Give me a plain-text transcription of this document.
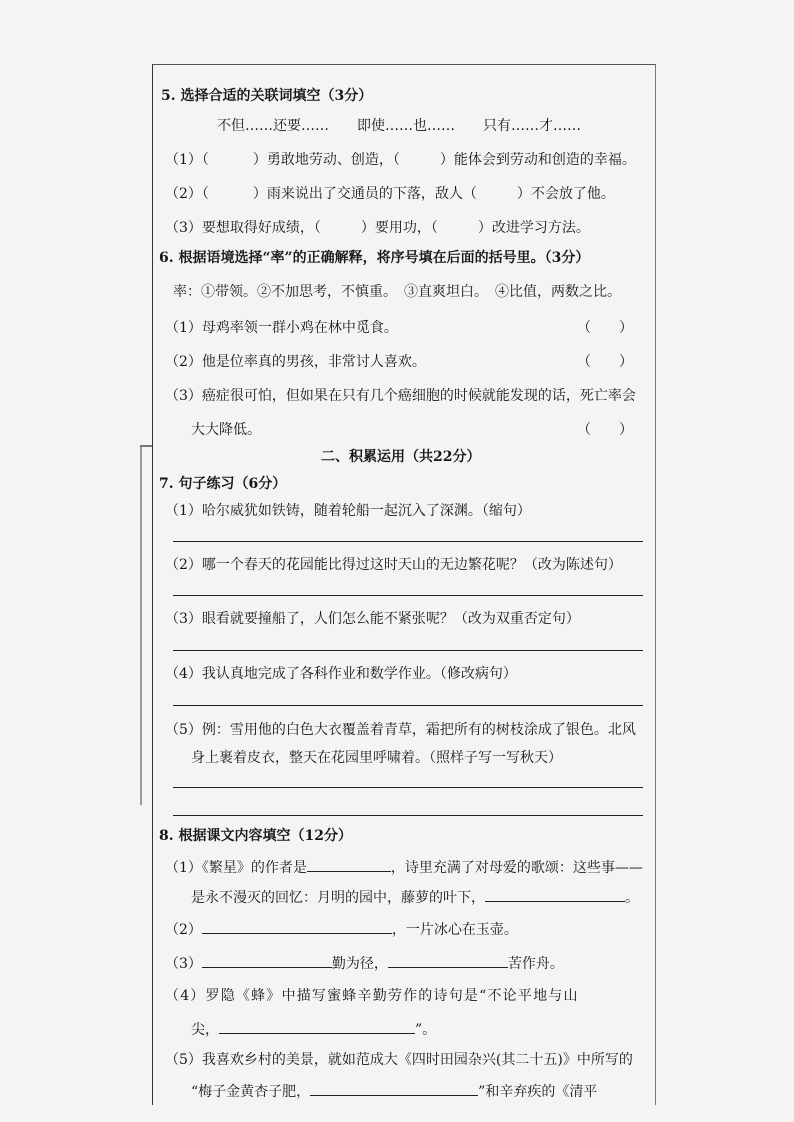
5. 选择合适的关联词填空（3分）
不但……还要……　　即使……也……　　只有……才……
（1）（	）勇敢地劳动、创造，（	）能体会到劳动和创造的幸福。
（2）（	）雨来说出了交通员的下落，敌人（	）不会放了他。
（3）要想取得好成绩，（	）要用功，（	）改进学习方法。
6. 根据语境选择“率”的正确解释，将序号填在后面的括号里。（3分）
率：①带领。②不加思考，不慎重。　③直爽坦白。　④比值，两数之比。
（1）母鸡率领一群小鸡在林中觅食。	（　　）
（2）他是位率真的男孩，非常讨人喜欢。	（　　）
（3）癌症很可怕，但如果在只有几个癌细胞的时候就能发现的话，死亡率会
大大降低。	（　　）
二、积累运用（共22分）
7. 句子练习（6分）
（1）哈尔威犹如铁铸，随着轮船一起沉入了深渊。（缩句）
（2）哪一个春天的花园能比得过这时天山的无边繁花呢？（改为陈述句）
（3）眼看就要撞船了，人们怎么能不紧张呢？（改为双重否定句）
（4）我认真地完成了各科作业和数学作业。（修改病句）
（5）例：雪用他的白色大衣覆盖着青草，霜把所有的树枝涂成了银色。北风
身上裹着皮衣，整天在花园里呼啸着。（照样子写一写秋天）
8. 根据课文内容填空（12分）
（1）《繁星》的作者是	，诗里充满了对母爱的歌颂：这些事——
是永不漫灭的回忆：月明的园中，藤萝的叶下，	。
（2）	，一片冰心在玉壶。
（3）	勤为径，	苦作舟。
（4）罗隐《蜂》中描写蜜蜂辛勤劳作的诗句是“不论平地与山
尖，	”。
（5）我喜欢乡村的美景，就如范成大《四时田园杂兴(其二十五)》中所写的
“梅子金黄杏子肥，	”和辛弃疾的《清平
